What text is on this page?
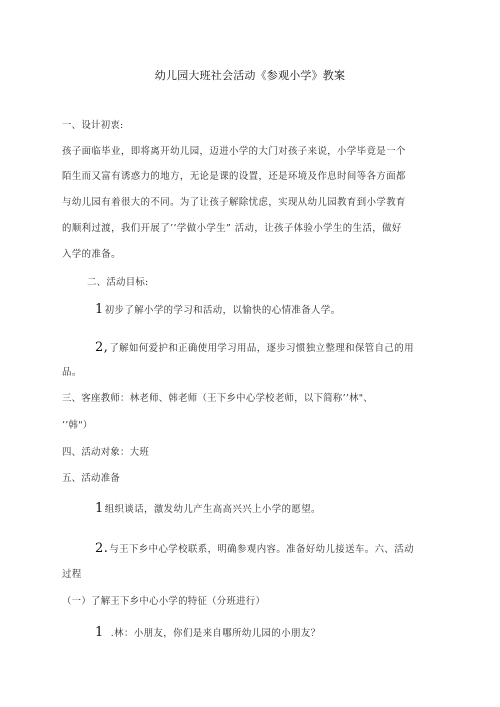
幼儿园大班社会活动《参观小学》教案
一、设计初衷:
孩子面临毕业，即将离开幼儿园，迈进小学的大门对孩子来说，小学毕竟是一个
陌生而又富有诱惑力的地方，无论是课的设置，还是环境及作息时间等各方面都
与幼儿园有着很大的不同。为了让孩子解除忧虑，实现从幼儿园教育到小学教育
的顺利过渡，我们开展了’’学做小学生” 活动，让孩子体验小学生的生活，做好
入学的准备。
二、活动目标:
1初步了解小学的学习和活动，以愉快的心情准备人学。
2,了解如何爱护和正确使用学习用品，逐步习惯独立整理和保管自己的用
品。
三、客座教师：林老师、韩老师（王下乡中心学校老师，以下简称’’林"、
’’韩"）
四、活动对象：大班
五、活动准备
1组织谈话，激发幼儿产生高高兴兴上小学的愿望。
2.与王下乡中心学校联系，明确参观内容。准备好幼儿接送车。六、活动
过程
（一）了解王下乡中心小学的特征（分班进行）
1 .林：小朋友，你们是来自哪所幼儿园的小朋友？
